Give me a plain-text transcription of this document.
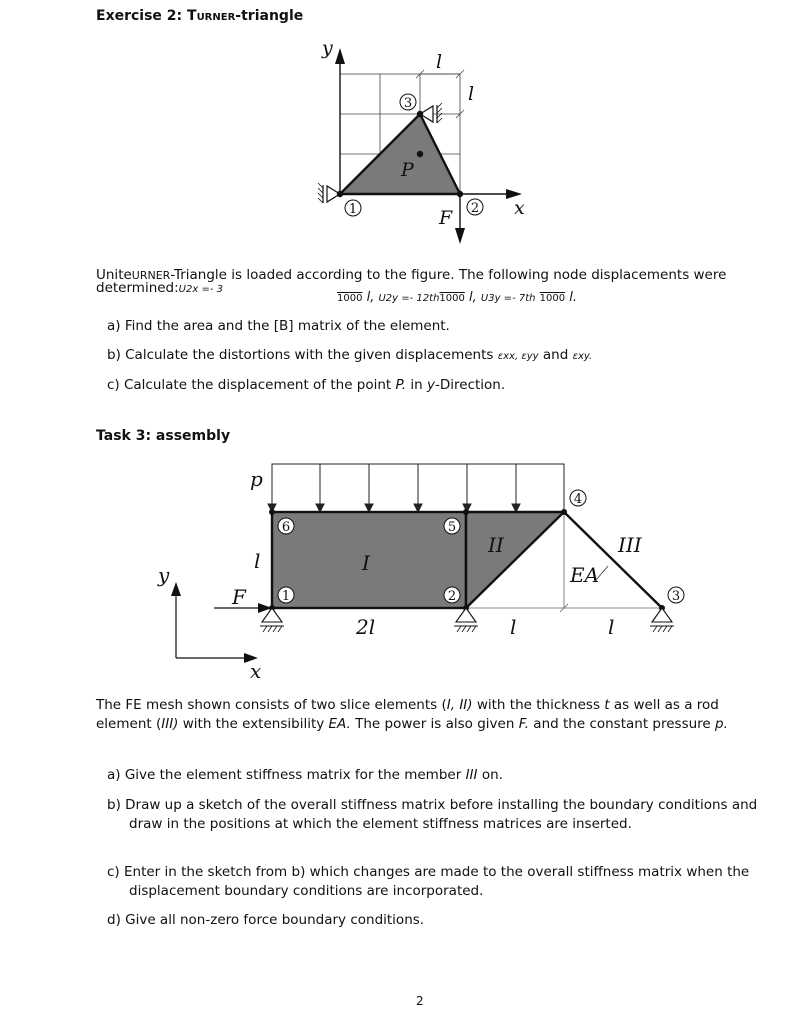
Exercise 2: Turner-triangle
3
1	2
y
x
l
l
P
F
UniteURNER-Triangle is loaded according to the figure. The following node displacements were
determined:U2x =- 3
1000 l, U2y =- 12th1000 l, U3y =- 7th 1000 l.
a) Find the area and the [B] matrix of the element.
b) Calculate the distortions with the given displacements εxx, εyy and εxy.
c) Calculate the displacement of the point P. in y-Direction.
Task 3: assembly
6
1
5
2
4
3
p
l
F
y
x
I
II	III
EA
2l	l	l
The FE mesh shown consists of two slice elements (I, II) with the thickness t as well as a rod
element (III) with the extensibility EA. The power is also given F. and the constant pressure p.
a) Give the element stiffness matrix for the member III on.
b) Draw up a sketch of the overall stiffness matrix before installing the boundary conditions and
draw in the positions at which the element stiffness matrices are inserted.
c) Enter in the sketch from b) which changes are made to the overall stiffness matrix when the
displacement boundary conditions are incorporated.
d) Give all non-zero force boundary conditions.
2
